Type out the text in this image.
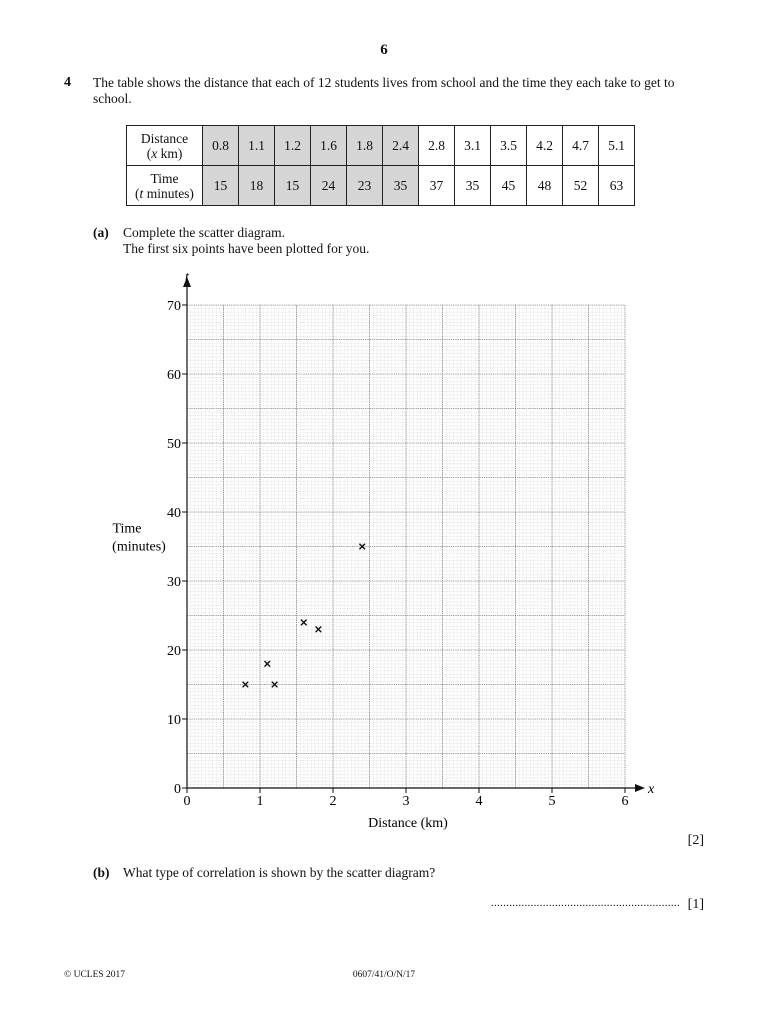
6
4 The table shows the distance that each of 12 students lives from school and the time they each take to get to school.
Distance
(x km)	0.8	1.1	1.2	1.6	1.8	2.4	2.8	3.1	3.5	4.2	4.7	5.1

Time
(t minutes)	15	18	15	24	23	35	37	35	45	48	52	63
(a) Complete the scatter diagram.
The first six points have been plotted for you.
0	1	2	3	4	5	6
0
10
20
30
40
50
60
70
x
t
Distance (km)
Time
(minutes)
[2]
(b) What type of correlation is shown by the scatter diagram?
.............................................................. [1]
© UCLES 2017	0607/41/O/N/17
